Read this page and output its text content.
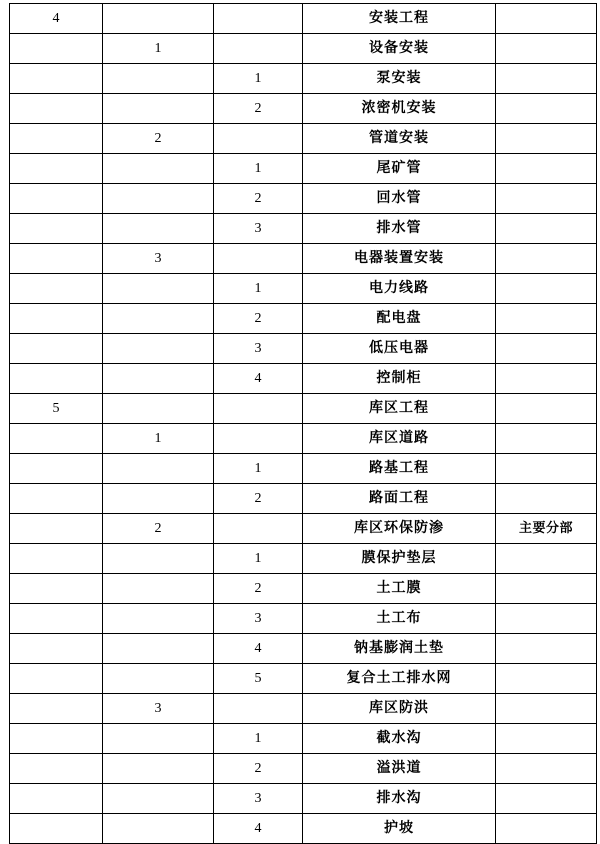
4			安装工程	
	1		设备安装	
		1	泵安装	
		2	浓密机安装	
	2		管道安装	
		1	尾矿管	
		2	回水管	
		3	排水管	
	3		电器装置安装	
		1	电力线路	
		2	配电盘	
		3	低压电器	
		4	控制柜	
5			库区工程	
	1		库区道路	
		1	路基工程	
		2	路面工程	
	2		库区环保防渗	主要分部
		1	膜保护垫层	
		2	土工膜	
		3	土工布	
		4	钠基膨润土垫	
		5	复合土工排水网	
	3		库区防洪	
		1	截水沟	
		2	溢洪道	
		3	排水沟	
		4	护坡	
